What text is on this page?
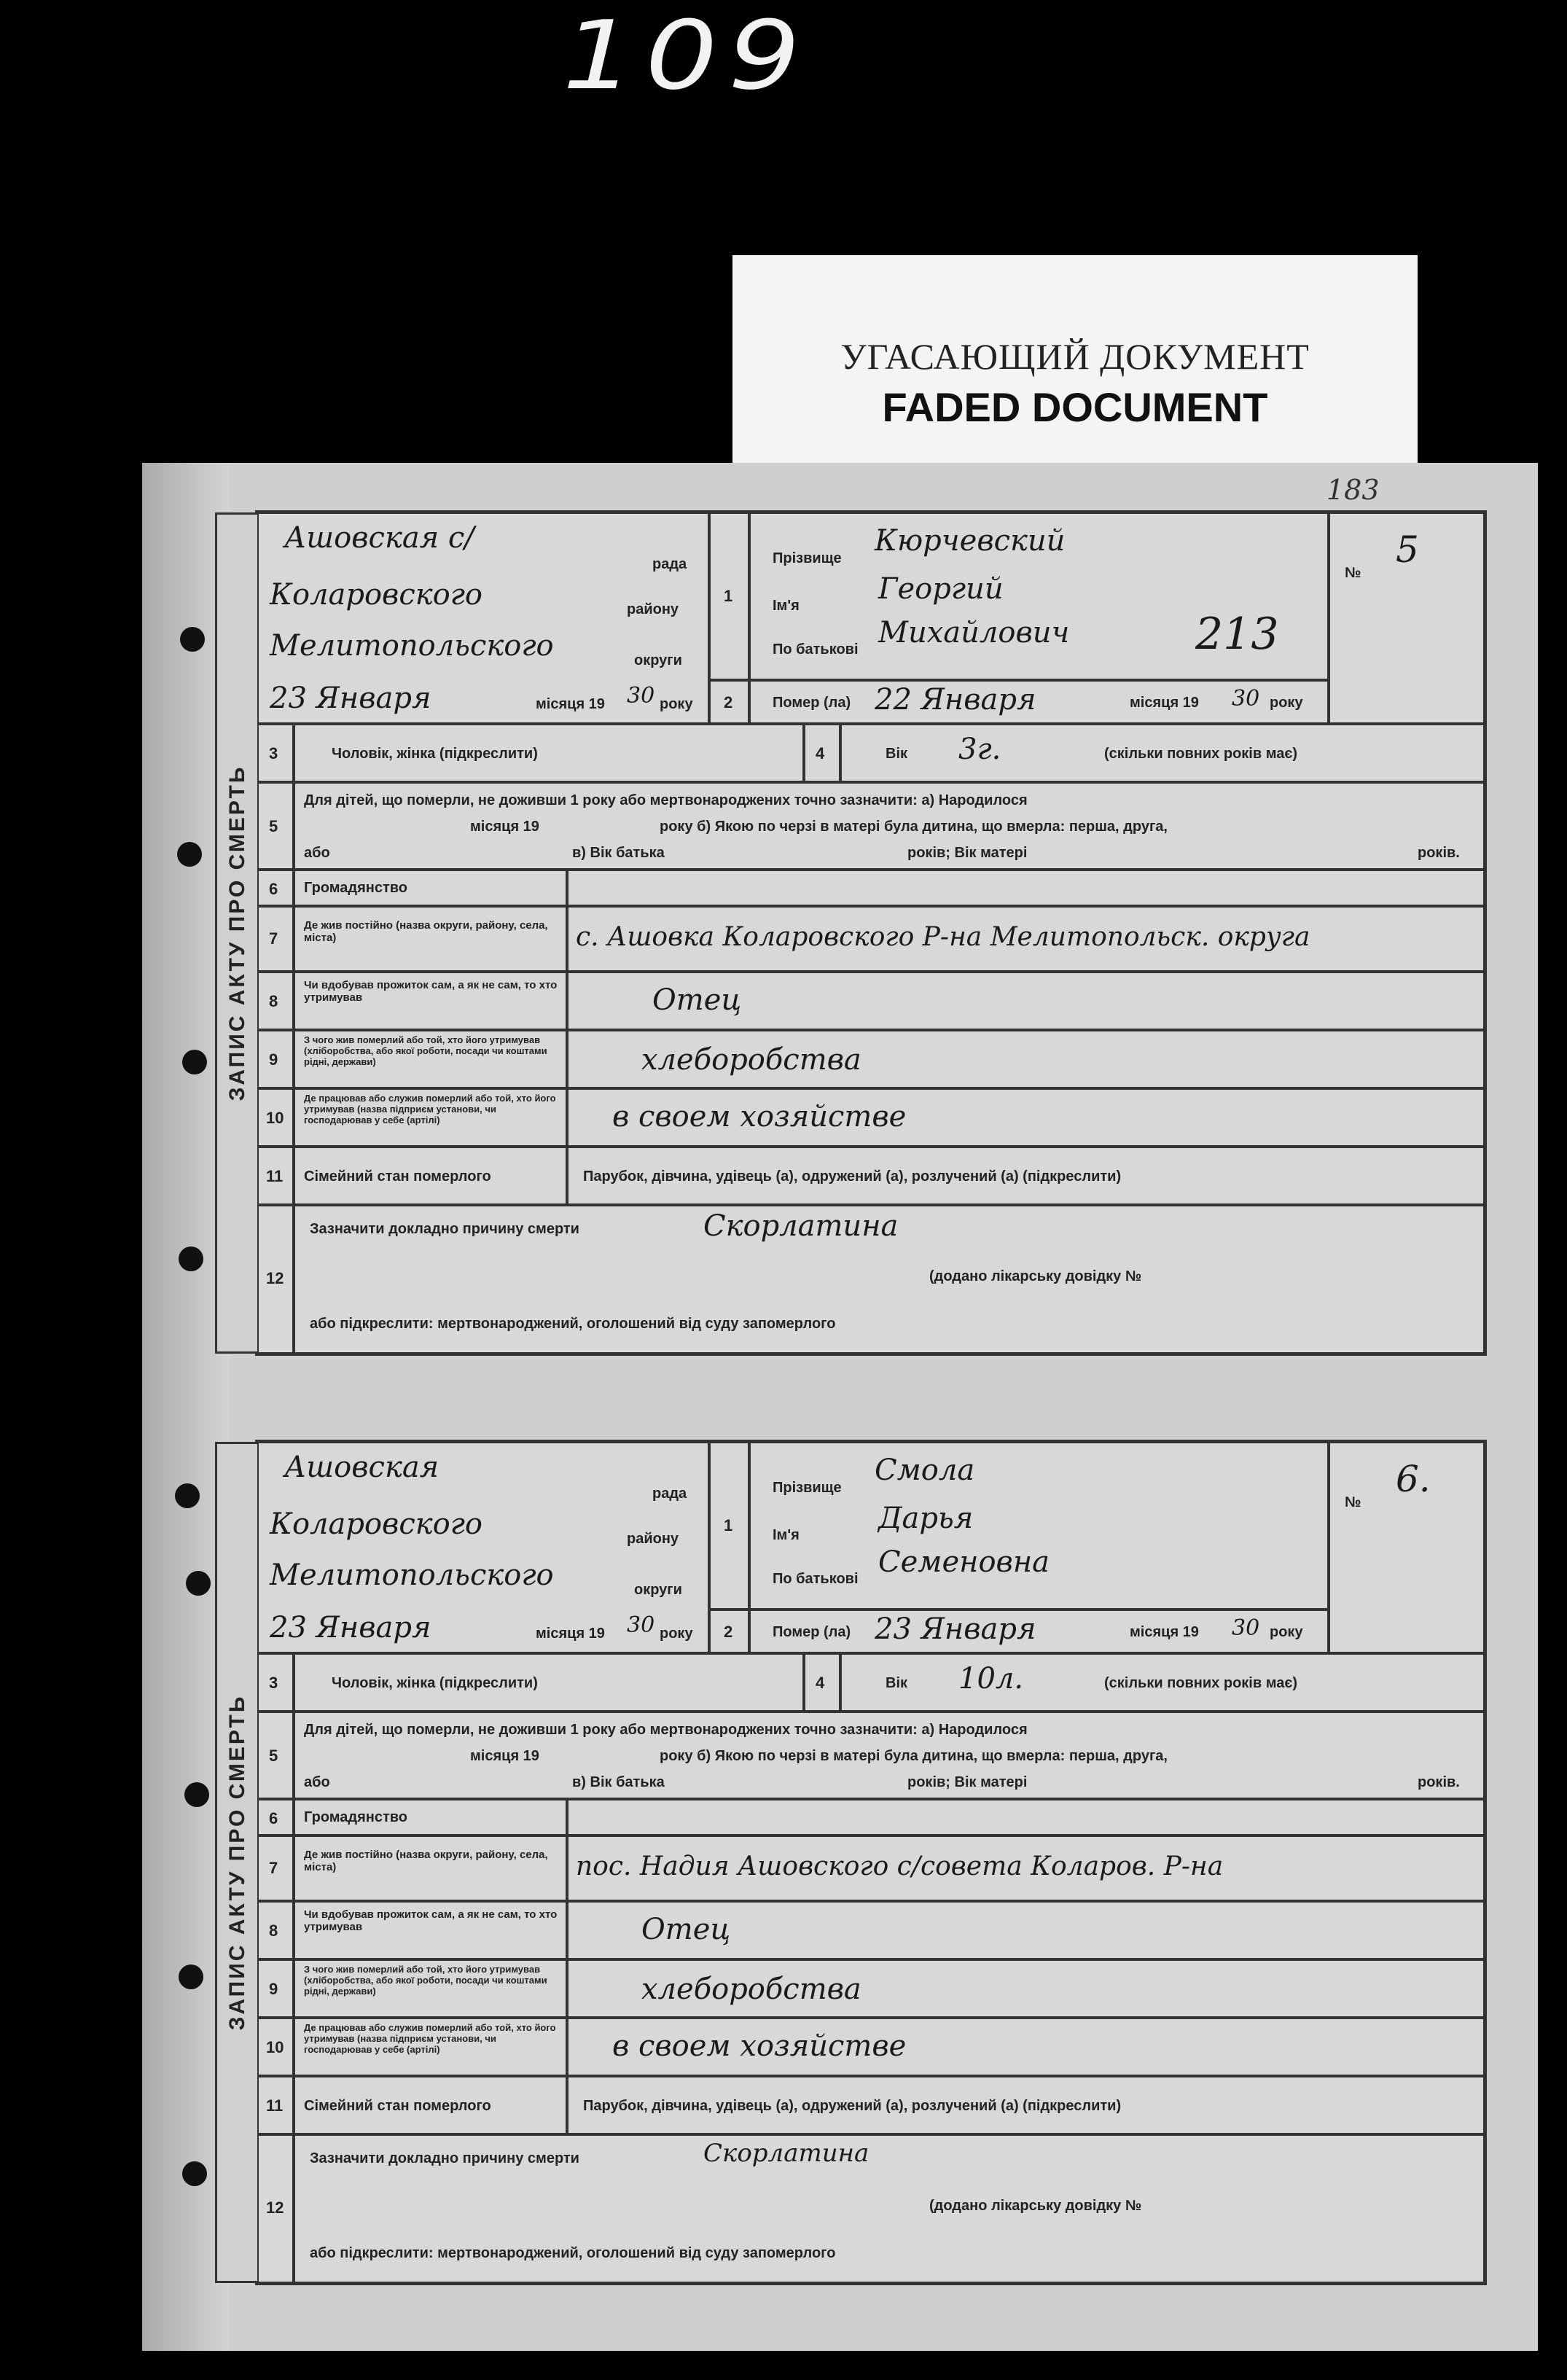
109
УГАСАЮЩИЙ ДОКУМЕНТ
FADED DOCUMENT
183
ЗАПИС АКТУ ПРО СМЕРТЬ
Ашовская с/
рада
Коларовского	району
Мелитопольского	округи
23 Января	місяця 19 30 року
1
2
Прізвище
Кюрчевский
Ім'я	Георгий
По батькові Михайлович	213
Помер (ла) 22 Января	місяця 19 30 року
№
5
3	Чоловік, жінка (підкреслити)	4	Вік 3г.	(скільки повних років має)
5
Для дітей, що померли, не доживши 1 року або мертвонароджених точно зазначити: а) Народилося
місяця 19	року б) Якою по черзі в матері була дитина, що вмерла: перша, друга,
або	в) Вік батька	років; Вік матері	років.
6 Громадянство
7
Де жив постійно (назва округи, району, села, міста)	с. Ашовка Коларовского Р-на Мелитопольск. округа
8
Чи вдобував прожиток сам, а як не сам, то хто утримував	Отец
9
З чого жив померлий або той, хто його утримував (хліборобства, або якої роботи, посади чи коштами рідні, держави)	хлеборобства
10
Де працював або служив померлий або той, хто його утримував (назва підприєм установи, чи господарював у себе (артілі)	в своем хозяйстве
11 Сімейний стан померлого	Парубок, дівчина, удівець (а), одружений (а), розлучений (а) (підкреслити)
12
Зазначити докладно причину смерти	Скорлатина
(додано лікарську довідку №
або підкреслити: мертвонароджений, оголошений від суду запомерлого
ЗАПИС АКТУ ПРО СМЕРТЬ
Ашовская
рада
Коларовского	району
Мелитопольского	округи
23 Января	місяця 19 30 року
1
2
Прізвище
Смола
Ім'я	Дарья
По батькові Семеновна
Помер (ла) 23 Января	місяця 19 30 року
№
6.
3	Чоловік, жінка (підкреслити)	4	Вік 10л.	(скільки повних років має)
5
Для дітей, що померли, не доживши 1 року або мертвонароджених точно зазначити: а) Народилося
місяця 19	року б) Якою по черзі в матері була дитина, що вмерла: перша, друга,
або	в) Вік батька	років; Вік матері	років.
6 Громадянство
7
Де жив постійно (назва округи, району, села, міста)	пос. Надия Ашовского с/совета Коларов. Р-на
8
Чи вдобував прожиток сам, а як не сам, то хто утримував	Отец
9
З чого жив померлий або той, хто його утримував (хліборобства, або якої роботи, посади чи коштами рідні, держави)	хлеборобства
10
Де працював або служив померлий або той, хто його утримував (назва підприєм установи, чи господарював у себе (артілі)	в своем хозяйстве
11 Сімейний стан померлого	Парубок, дівчина, удівець (а), одружений (а), розлучений (а) (підкреслити)
12
Зазначити докладно причину смерти	Скорлатина
(додано лікарську довідку №
або підкреслити: мертвонароджений, оголошений від суду запомерлого
